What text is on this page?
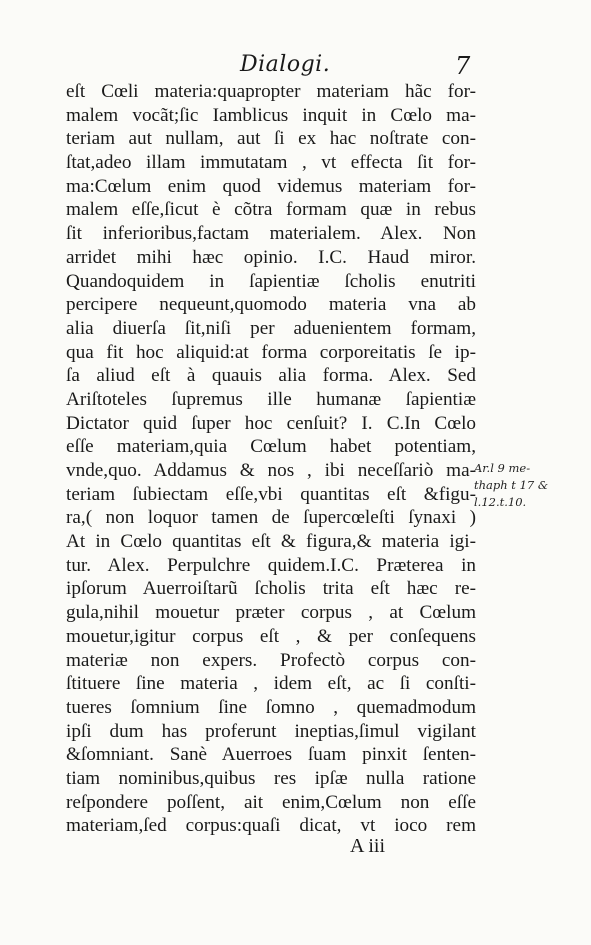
Dialogi.	7
eſt Cœli materia:quapropter materiam hãc for-
malem vocãt;ſic Iamblicus inquit in Cœlo ma-
teriam aut nullam, aut ſi ex hac noſtrate con-
ſtat,adeo illam immutatam , vt effecta ſit for-
ma:Cœlum enim quod videmus materiam for-
malem eſſe,ſicut è cõtra formam quæ in rebus
ſit inferioribus,factam materialem. Alex. Non
arridet mihi hæc opinio. I.C. Haud miror.
Quandoquidem in ſapientiæ ſcholis enutriti
percipere nequeunt,quomodo materia vna ab
alia diuerſa ſit,niſi per aduenientem formam,
qua fit hoc aliquid:at forma corporeitatis ſe ip-
ſa aliud eſt à quauis alia forma. Alex. Sed
Ariſtoteles ſupremus ille humanæ ſapientiæ
Dictator quid ſuper hoc cenſuit? I. C.In Cœlo
eſſe materiam,quia Cœlum habet potentiam,
vnde,quo. Addamus & nos , ibi neceſſariò ma-
teriam ſubiectam eſſe,vbi quantitas eſt &figu-
ra,( non loquor tamen de ſupercœleſti ſynaxi )
At in Cœlo quantitas eſt & figura,& materia igi-
tur. Alex. Perpulchre quidem.I.C. Præterea in
ipſorum Auerroiſtarũ ſcholis trita eſt hæc re-
gula,nihil mouetur præter corpus , at Cœlum
mouetur,igitur corpus eſt , & per conſequens
materiæ non expers. Profectò corpus con-
ſtituere ſine materia , idem eſt, ac ſi conſti-
tueres ſomnium ſine ſomno , quemadmodum
ipſi dum has proferunt ineptias,ſimul vigilant
&ſomniant. Sanè Auerroes ſuam pinxit ſenten-
tiam nominibus,quibus res ipſæ nulla ratione
reſpondere poſſent, ait enim,Cœlum non eſſe
materiam,ſed corpus:quaſi dicat, vt ioco rem
Ar.l 9 me-
thaph t 17 &
l.12.t.10.
A iii
